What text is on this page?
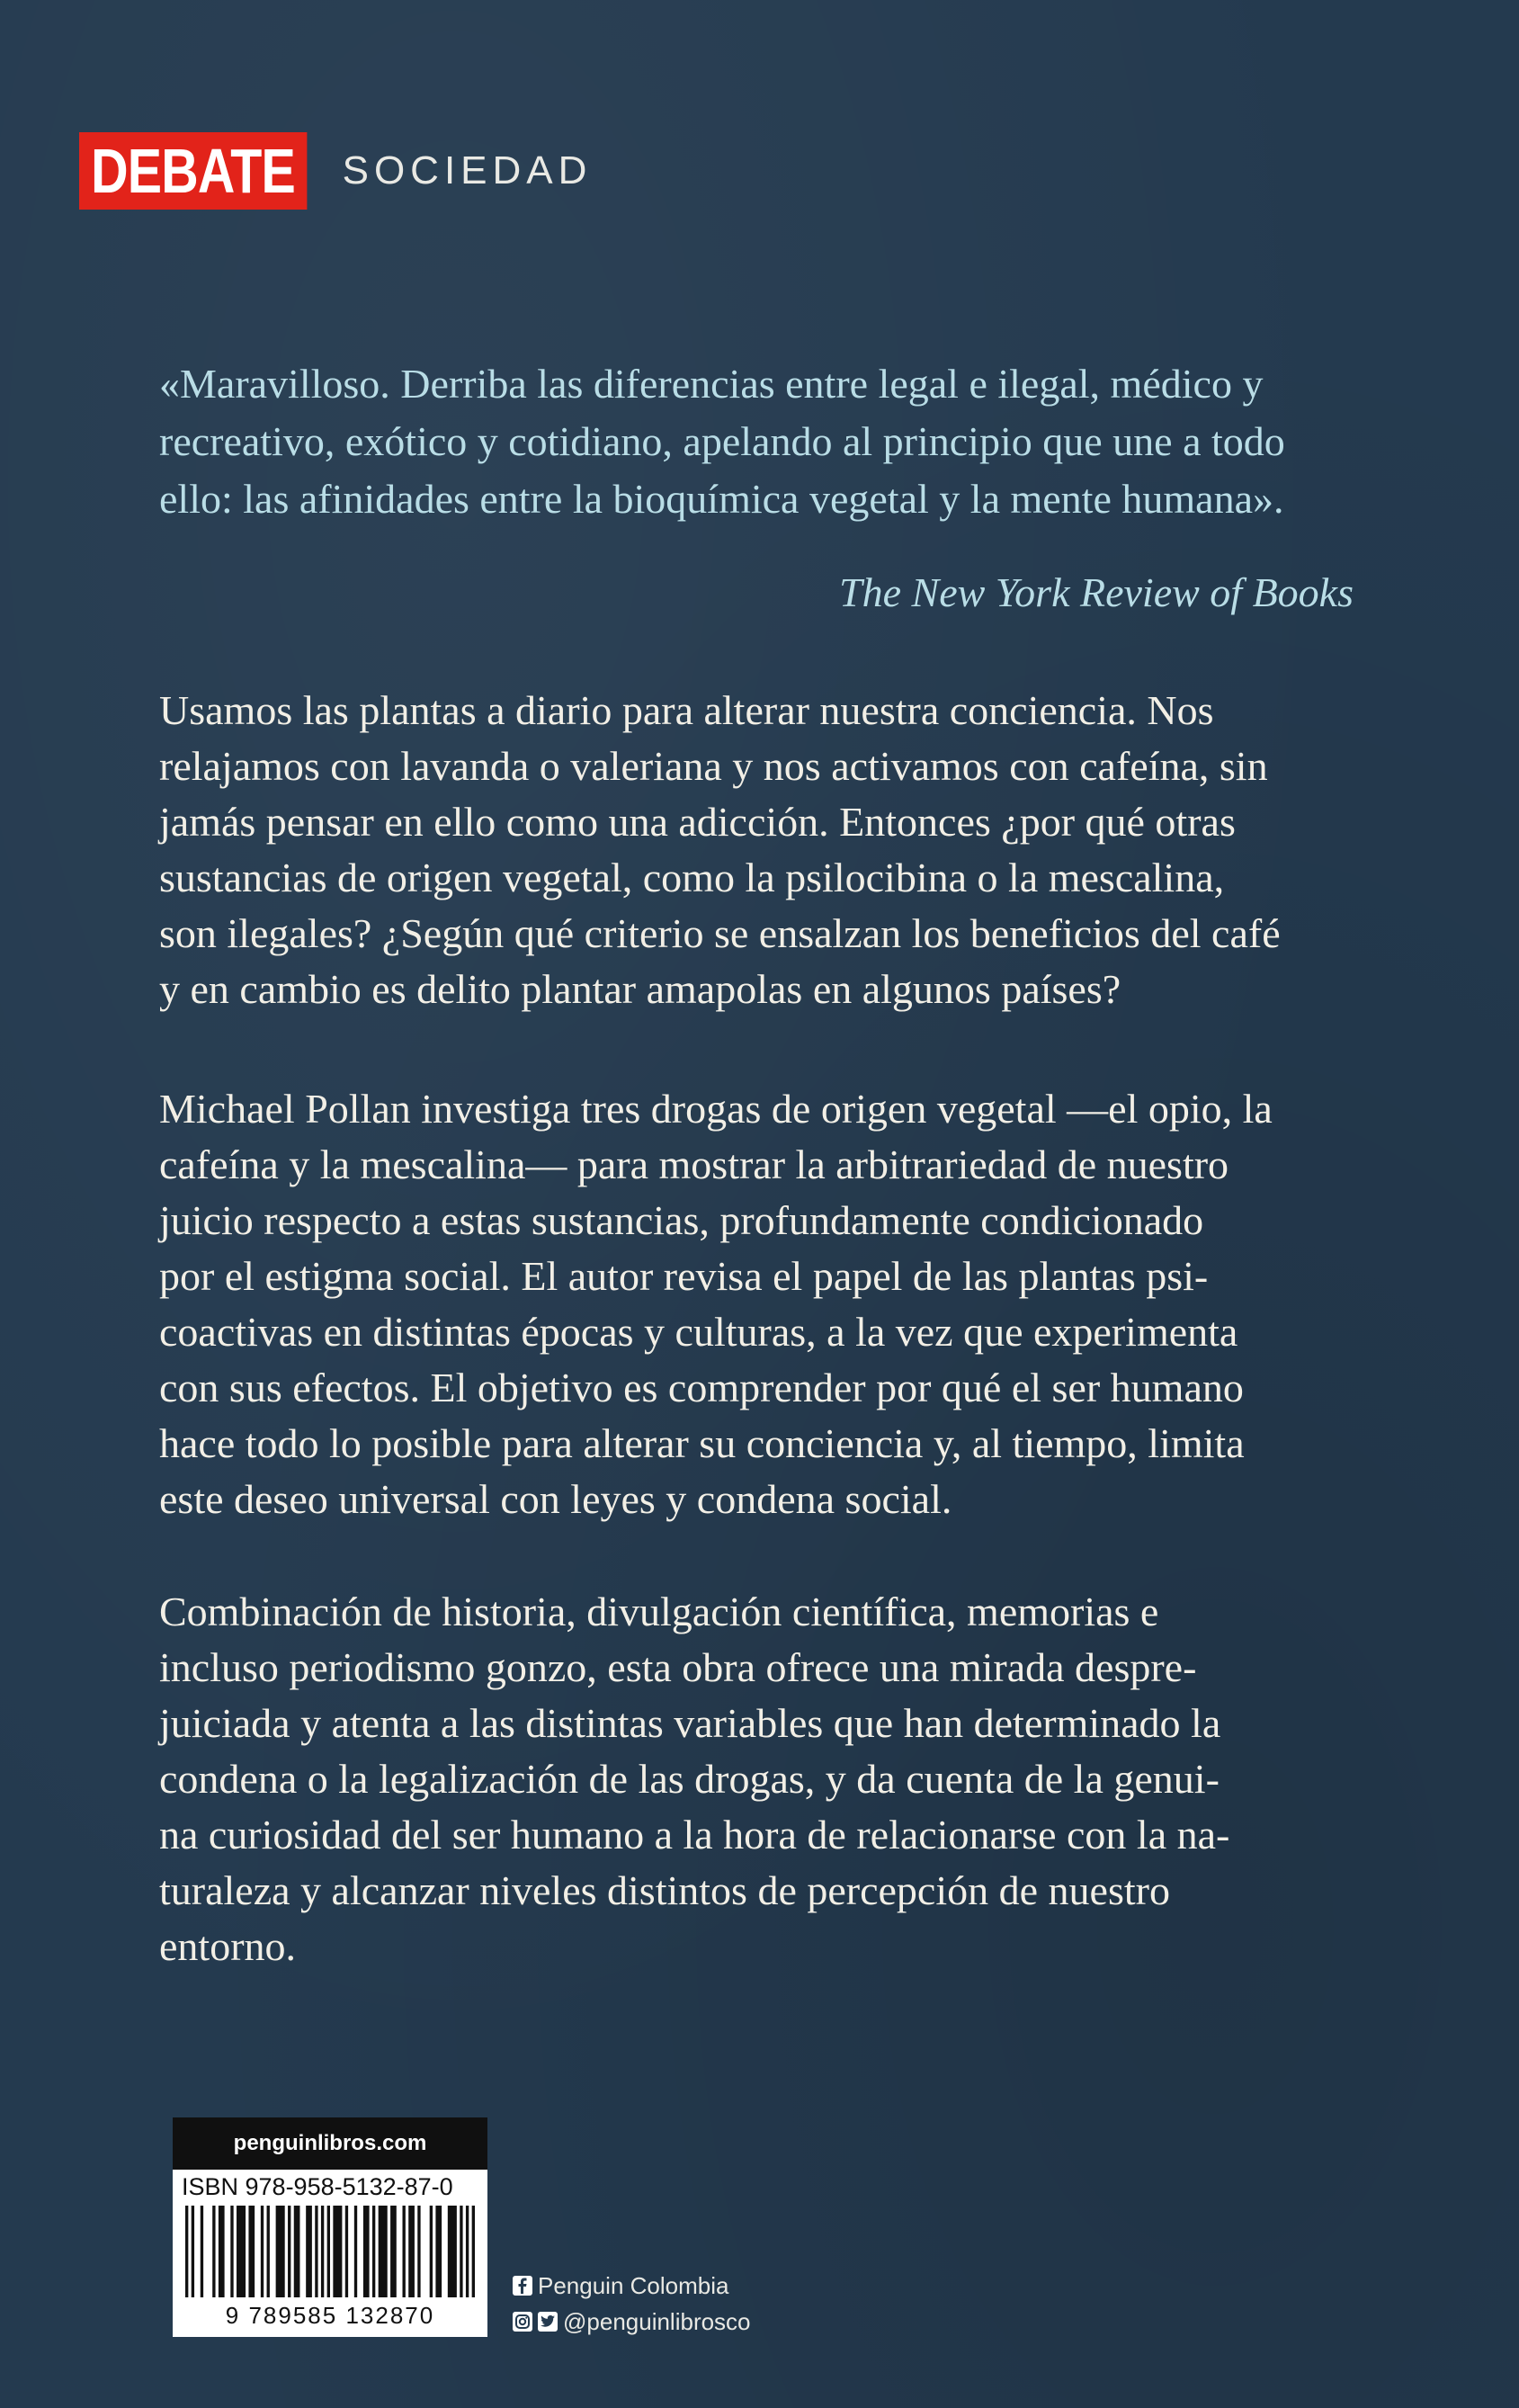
DEBATE SOCIEDAD

«Maravilloso. Derriba las diferencias entre legal e ilegal, médico y recreativo, exótico y cotidiano, apelando al principio que une a todo ello: las afinidades entre la bioquímica vegetal y la mente humana».

The New York Review of Books

Usamos las plantas a diario para alterar nuestra conciencia. Nos
relajamos con lavanda o valeriana y nos activamos con cafeína, sin
jamás pensar en ello como una adicción. Entonces ¿por qué otras
sustancias de origen vegetal, como la psilocibina o la mescalina,
son ilegales? ¿Según qué criterio se ensalzan los beneficios del café
y en cambio es delito plantar amapolas en algunos países?

Michael Pollan investiga tres drogas de origen vegetal —el opio, la
cafeína y la mescalina— para mostrar la arbitrariedad de nuestro
juicio respecto a estas sustancias, profundamente condicionado
por el estigma social. El autor revisa el papel de las plantas psi-
coactivas en distintas épocas y culturas, a la vez que experimenta
con sus efectos. El objetivo es comprender por qué el ser humano
hace todo lo posible para alterar su conciencia y, al tiempo, limita
este deseo universal con leyes y condena social.

Combinación de historia, divulgación científica, memorias e
incluso periodismo gonzo, esta obra ofrece una mirada despre-
juiciada y atenta a las distintas variables que han determinado la
condena o la legalización de las drogas, y da cuenta de la genui-
na curiosidad del ser humano a la hora de relacionarse con la na-
turaleza y alcanzar niveles distintos de percepción de nuestro
entorno.

penguinlibros.com
ISBN 978-958-5132-87-0
9 789585 132870
Penguin Colombia
@penguinlibrosco
